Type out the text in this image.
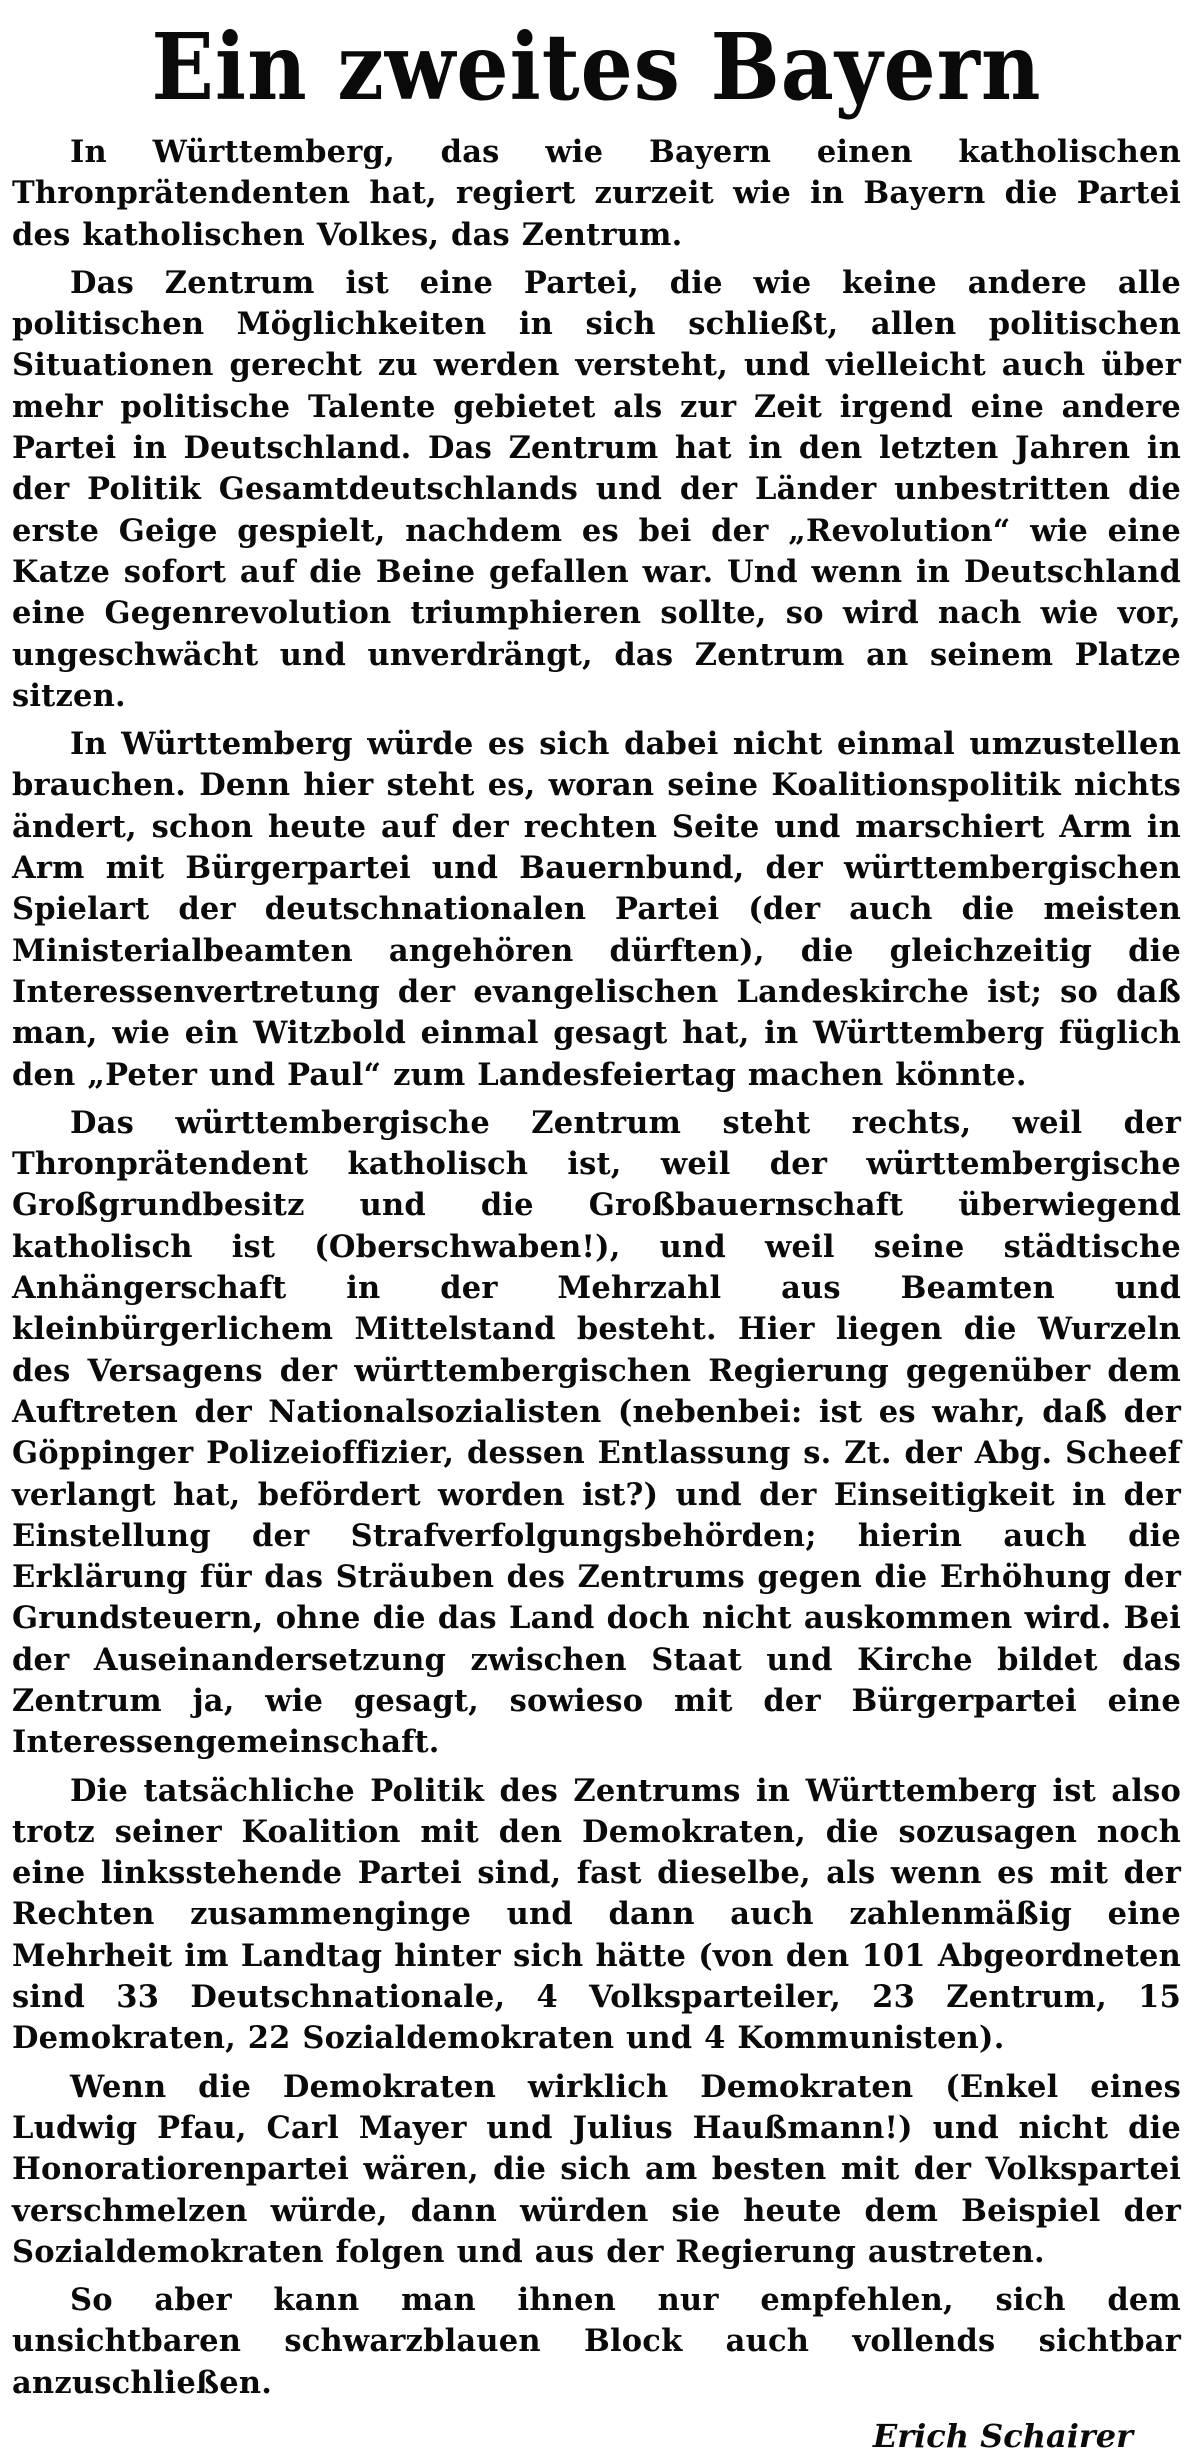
Ein zweites Bayern

In Württemberg, das wie Bayern einen katholischen Thronprätendenten hat, regiert zurzeit wie in Bayern die Partei des katholischen Volkes, das Zentrum.

Das Zentrum ist eine Partei, die wie keine andere alle politischen Möglichkeiten in sich schließt, allen politischen Situationen gerecht zu werden versteht, und vielleicht auch über mehr politische Talente gebietet als zur Zeit irgend eine andere Partei in Deutschland. Das Zentrum hat in den letzten Jahren in der Politik Gesamtdeutschlands und der Länder unbestritten die erste Geige gespielt, nachdem es bei der „Revolution“ wie eine Katze sofort auf die Beine gefallen war. Und wenn in Deutschland eine Gegenrevolution triumphieren sollte, so wird nach wie vor, ungeschwächt und unverdrängt, das Zentrum an seinem Platze sitzen.

In Württemberg würde es sich dabei nicht einmal umzustellen brauchen. Denn hier steht es, woran seine Koalitionspolitik nichts ändert, schon heute auf der rechten Seite und marschiert Arm in Arm mit Bürgerpartei und Bauernbund, der württembergischen Spielart der deutschnationalen Partei (der auch die meisten Ministerialbeamten angehören dürften), die gleichzeitig die Interessenvertretung der evangelischen Landeskirche ist; so daß man, wie ein Witzbold einmal gesagt hat, in Württemberg füglich den „Peter und Paul“ zum Landesfeiertag machen könnte.

Das württembergische Zentrum steht rechts, weil der Thronprätendent katholisch ist, weil der württembergische Großgrundbesitz und die Großbauernschaft überwiegend katholisch ist (Oberschwaben!), und weil seine städtische Anhängerschaft in der Mehrzahl aus Beamten und kleinbürgerlichem Mittelstand besteht. Hier liegen die Wurzeln des Versagens der württembergischen Regierung gegenüber dem Auftreten der Nationalsozialisten (nebenbei: ist es wahr, daß der Göppinger Polizeioffizier, dessen Entlassung s. Zt. der Abg. Scheef verlangt hat, befördert worden ist?) und der Einseitigkeit in der Einstellung der Strafverfolgungsbehörden; hierin auch die Erklärung für das Sträuben des Zentrums gegen die Erhöhung der Grundsteuern, ohne die das Land doch nicht auskommen wird. Bei der Auseinandersetzung zwischen Staat und Kirche bildet das Zentrum ja, wie gesagt, sowieso mit der Bürgerpartei eine Interessengemeinschaft.

Die tatsächliche Politik des Zentrums in Württemberg ist also trotz seiner Koalition mit den Demokraten, die sozusagen noch eine linksstehende Partei sind, fast dieselbe, als wenn es mit der Rechten zusammenginge und dann auch zahlenmäßig eine Mehrheit im Landtag hinter sich hätte (von den 101 Abgeordneten sind 33 Deutschnationale, 4 Volksparteiler, 23 Zentrum, 15 Demokraten, 22 Sozialdemokraten und 4 Kommunisten).

Wenn die Demokraten wirklich Demokraten (Enkel eines Ludwig Pfau, Carl Mayer und Julius Haußmann!) und nicht die Honoratiorenpartei wären, die sich am besten mit der Volkspartei verschmelzen würde, dann würden sie heute dem Beispiel der Sozialdemokraten folgen und aus der Regierung austreten.

So aber kann man ihnen nur empfehlen, sich dem unsichtbaren schwarzblauen Block auch vollends sichtbar anzuschließen.

Erich Schairer
